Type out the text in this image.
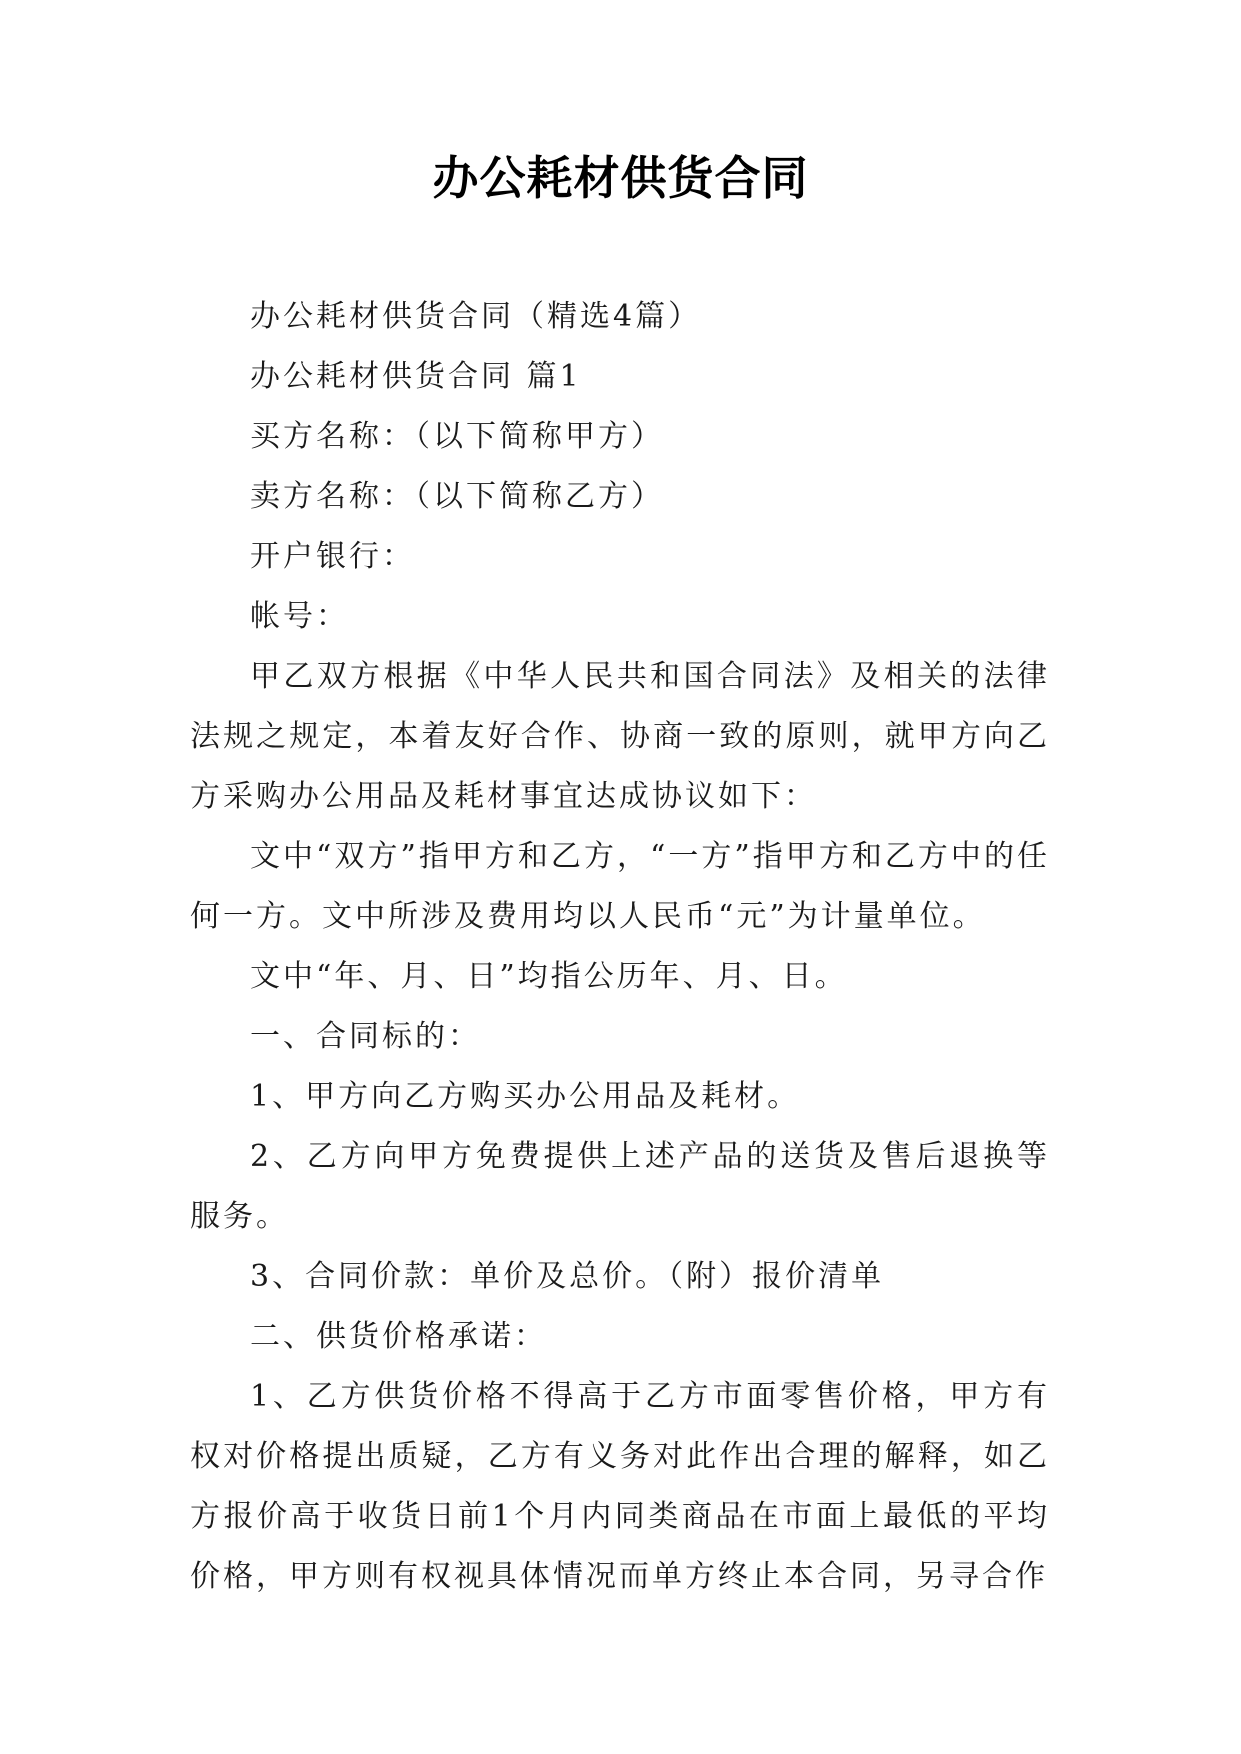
办公耗材供货合同

办公耗材供货合同（精选4篇）

办公耗材供货合同 篇1

买方名称：（以下简称甲方）

卖方名称：（以下简称乙方）

开户银行：

帐号：

甲乙双方根据《中华人民共和国合同法》及相关的法律法规之规定，本着友好合作、协商一致的原则，就甲方向乙方采购办公用品及耗材事宜达成协议如下：

文中“双方”指甲方和乙方，“一方”指甲方和乙方中的任何一方。文中所涉及费用均以人民币“元”为计量单位。

文中“年、月、日”均指公历年、月、日。

一、合同标的：

1、甲方向乙方购买办公用品及耗材。

2、乙方向甲方免费提供上述产品的送货及售后退换等服务。

3、合同价款：单价及总价。（附）报价清单

二、供货价格承诺：

1、乙方供货价格不得高于乙方市面零售价格，甲方有权对价格提出质疑，乙方有义务对此作出合理的解释，如乙方报价高于收货日前1个月内同类商品在市面上最低的平均价格，甲方则有权视具体情况而单方终止本合同，另寻合作
